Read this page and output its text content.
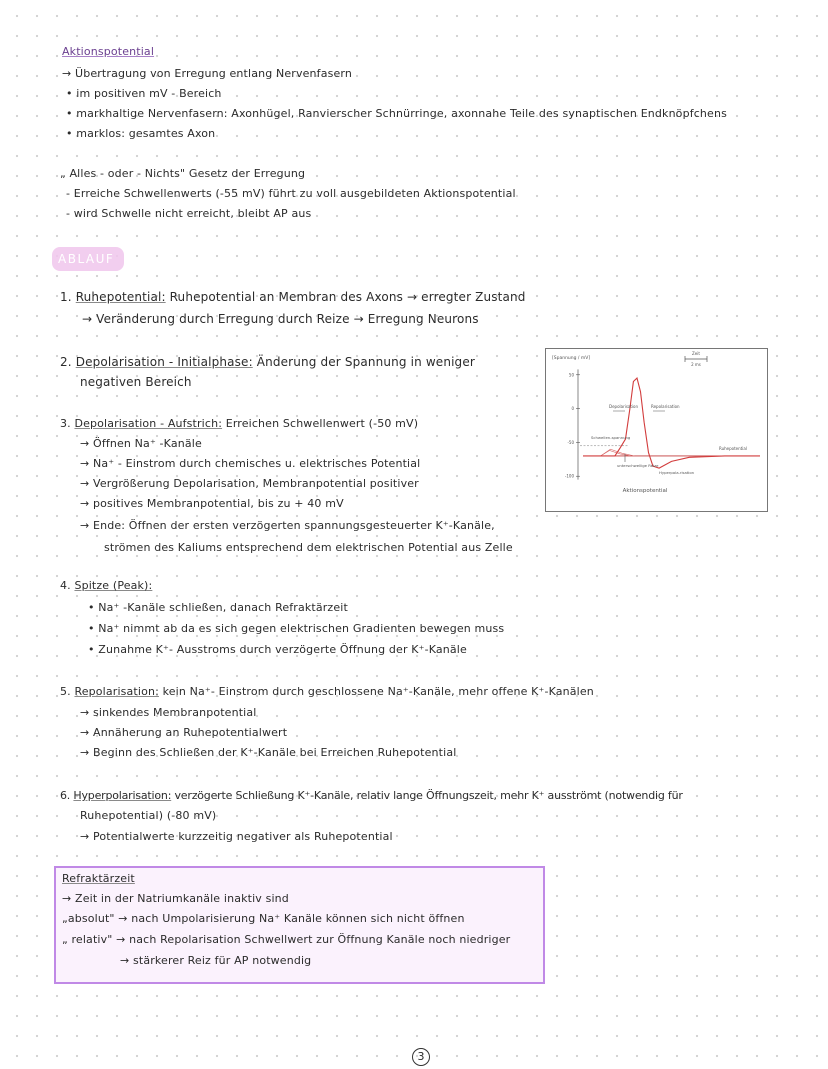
Aktionspotential
→ Übertragung von Erregung entlang Nervenfasern
• im positiven mV - Bereich
• markhaltige Nervenfasern: Axonhügel, Ranvierscher Schnürringe, axonnahe Teile des synaptischen Endknöpfchens
• marklos: gesamtes Axon
„ Alles - oder - Nichts" Gesetz der Erregung
- Erreiche Schwellenwerts (-55 mV) führt zu voll ausgebildeten Aktionspotential
- wird Schwelle nicht erreicht, bleibt AP aus
ABLAUF
1. Ruhepotential: Ruhepotential an Membran des Axons → erregter Zustand
→ Veränderung durch Erregung durch Reize → Erregung Neurons
2. Depolarisation - Initialphase: Änderung der Spannung in weniger
negativen Bereich
3. Depolarisation - Aufstrich: Erreichen Schwellenwert (-50 mV)
→ Öffnen Na⁺ -Kanäle
→ Na⁺ - Einstrom durch chemisches u. elektrisches Potential
→ Vergrößerung Depolarisation, Membranpotential positiver
→ positives Membranpotential, bis zu + 40 mV
→ Ende: Öffnen der ersten verzögerten spannungsgesteuerter K⁺-Kanäle,
strömen des Kaliums entsprechend dem elektrischen Potential aus Zelle
4. Spitze (Peak):
• Na⁺ -Kanäle schließen, danach Refraktärzeit
• Na⁺ nimmt ab da es sich gegen elektrischen Gradienten bewegen muss
• Zunahme K⁺- Ausstroms durch verzögerte Öffnung der K⁺-Kanäle
5. Repolarisation: kein Na⁺- Einstrom durch geschlossene Na⁺-Kanäle, mehr offene K⁺-Kanälen
→ sinkendes Membranpotential
→ Annäherung an Ruhepotentialwert
→ Beginn des Schließen der K⁺-Kanäle bei Erreichen Ruhepotential
6. Hyperpolarisation: verzögerte Schließung K⁺-Kanäle, relativ lange Öffnungszeit, mehr K⁺ ausströmt (notwendig für
Ruhepotential) (-80 mV)
→ Potentialwerte kurzzeitig negativer als Ruhepotential
Refraktärzeit
→ Zeit in der Natriumkanäle inaktiv sind
„absolut" → nach Umpolarisierung Na⁺ Kanäle können sich nicht öffnen
„ relativ" → nach Repolarisation Schwellwert zur Öffnung Kanäle noch niedriger
→ stärkerer Reiz für AP notwendig
[Spannung / mV]
50
0
-50
-100
Zeit
2 ms
Depolarisation	Repolarisation
Schwellen-spannung
unterschwellige Reize
Hyperpola-risation
Ruhepotential
Aktionspotential
3
